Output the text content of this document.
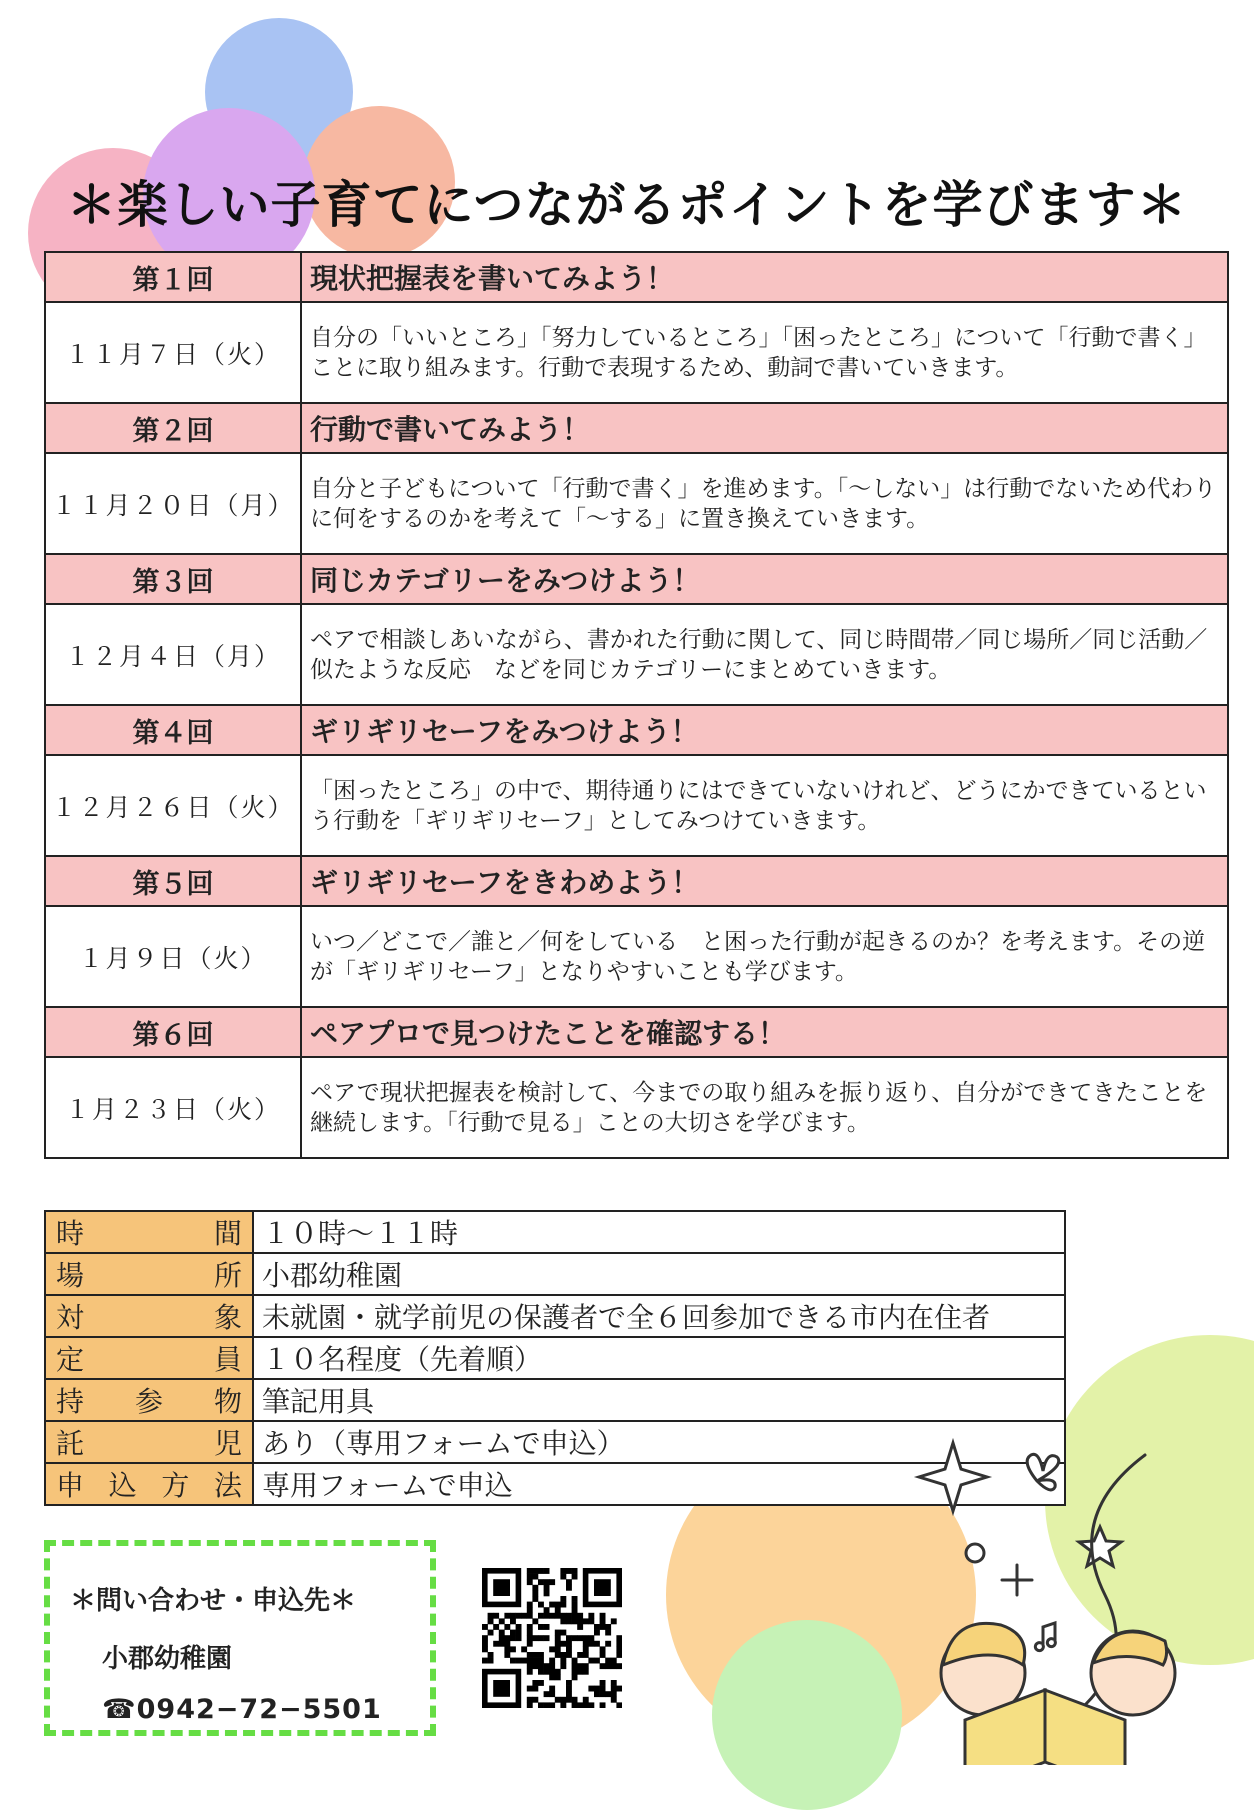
＊楽しい子育てにつながるポイントを学びます＊
第１回	現状把握表を書いてみよう！
１１月７日（火）	自分の「いいところ」「努力しているところ」「困ったところ」について「行動で書く」ことに取り組みます。行動で表現するため、動詞で書いていきます。

第２回	行動で書いてみよう！
１１月２０日（月）	自分と子どもについて「行動で書く」を進めます。「～しない」は行動でないため代わりに何をするのかを考えて「～する」に置き換えていきます。

第３回	同じカテゴリーをみつけよう！
１２月４日（月）	ペアで相談しあいながら、書かれた行動に関して、同じ時間帯／同じ場所／同じ活動／似たような反応　などを同じカテゴリーにまとめていきます。

第４回	ギリギリセーフをみつけよう！
１２月２６日（火）	「困ったところ」の中で、期待通りにはできていないけれど、どうにかできているという行動を「ギリギリセーフ」としてみつけていきます。

第５回	ギリギリセーフをきわめよう！
１月９日（火）	いつ／どこで／誰と／何をしている　と困った行動が起きるのか？を考えます。その逆が「ギリギリセーフ」となりやすいことも学びます。

第６回	ペアプロで見つけたことを確認する！
１月２３日（火）	ペアで現状把握表を検討して、今までの取り組みを振り返り、自分ができてきたことを継続します。「行動で見る」ことの大切さを学びます。
時間	１０時～１１時
場所	小郡幼稚園
対象	未就園・就学前児の保護者で全６回参加できる市内在住者
定員	１０名程度（先着順）
持参物	筆記用具
託児	あり（専用フォームで申込）
申込方法	専用フォームで申込
＊問い合わせ・申込先＊
小郡幼稚園
☎0942−72−5501
